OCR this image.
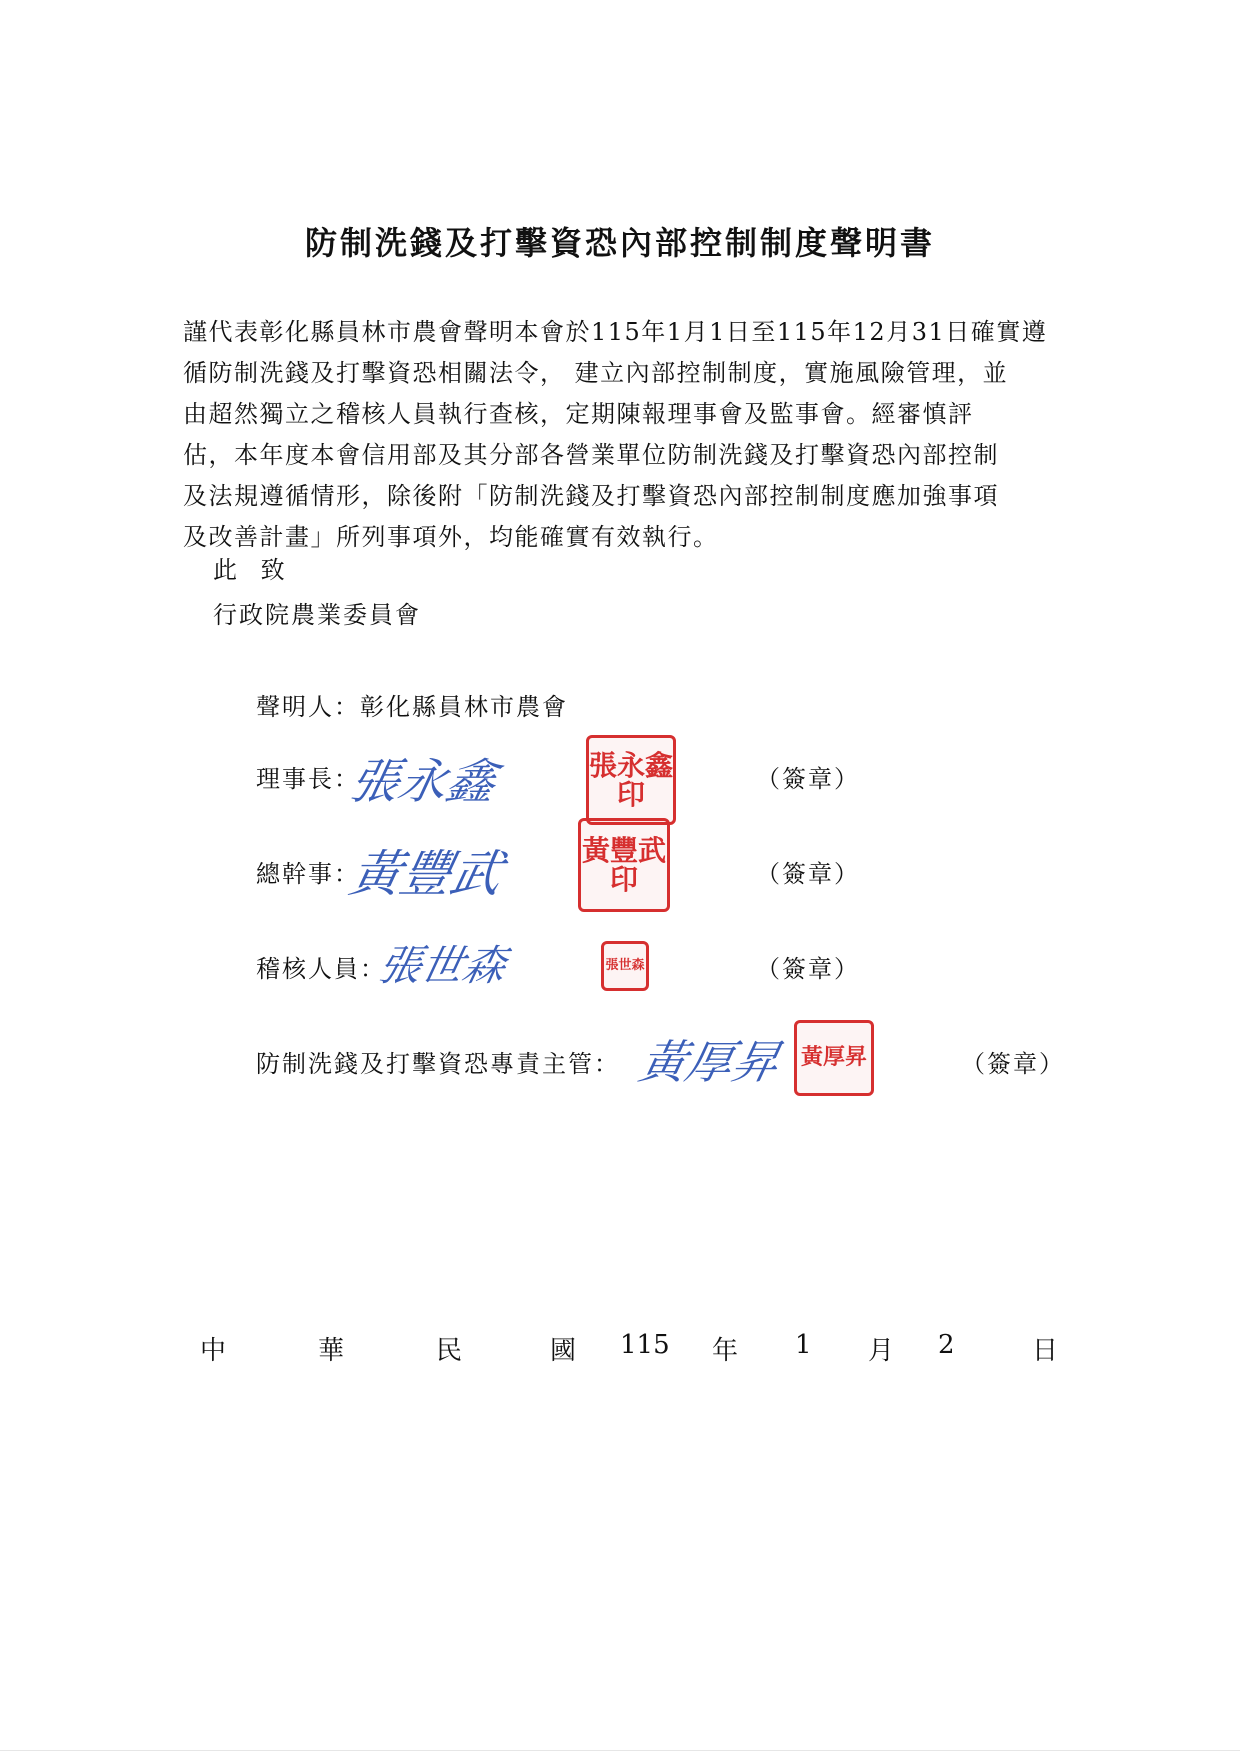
防制洗錢及打擊資恐內部控制制度聲明書
謹代表彰化縣員林市農會聲明本會於115年1月1日至115年12月31日確實遵
循防制洗錢及打擊資恐相關法令， 建立內部控制制度，實施風險管理，並
由超然獨立之稽核人員執行查核，定期陳報理事會及監事會。經審慎評
估，本年度本會信用部及其分部各營業單位防制洗錢及打擊資恐內部控制
及法規遵循情形，除後附「防制洗錢及打擊資恐內部控制制度應加強事項
及改善計畫」所列事項外，均能確實有效執行。
此 致
行政院農業委員會
聲明人：彰化縣員林市農會
理事長：
張永鑫	張永鑫印	（簽章）
總幹事：
黃豐武	黃豐武印	（簽章）
稽核人員：
張世森	張世森	（簽章）
防制洗錢及打擊資恐專責主管： 黃厚昇 黃厚昇	（簽章）
中	華	民	國 115 年 1 月 2	日
